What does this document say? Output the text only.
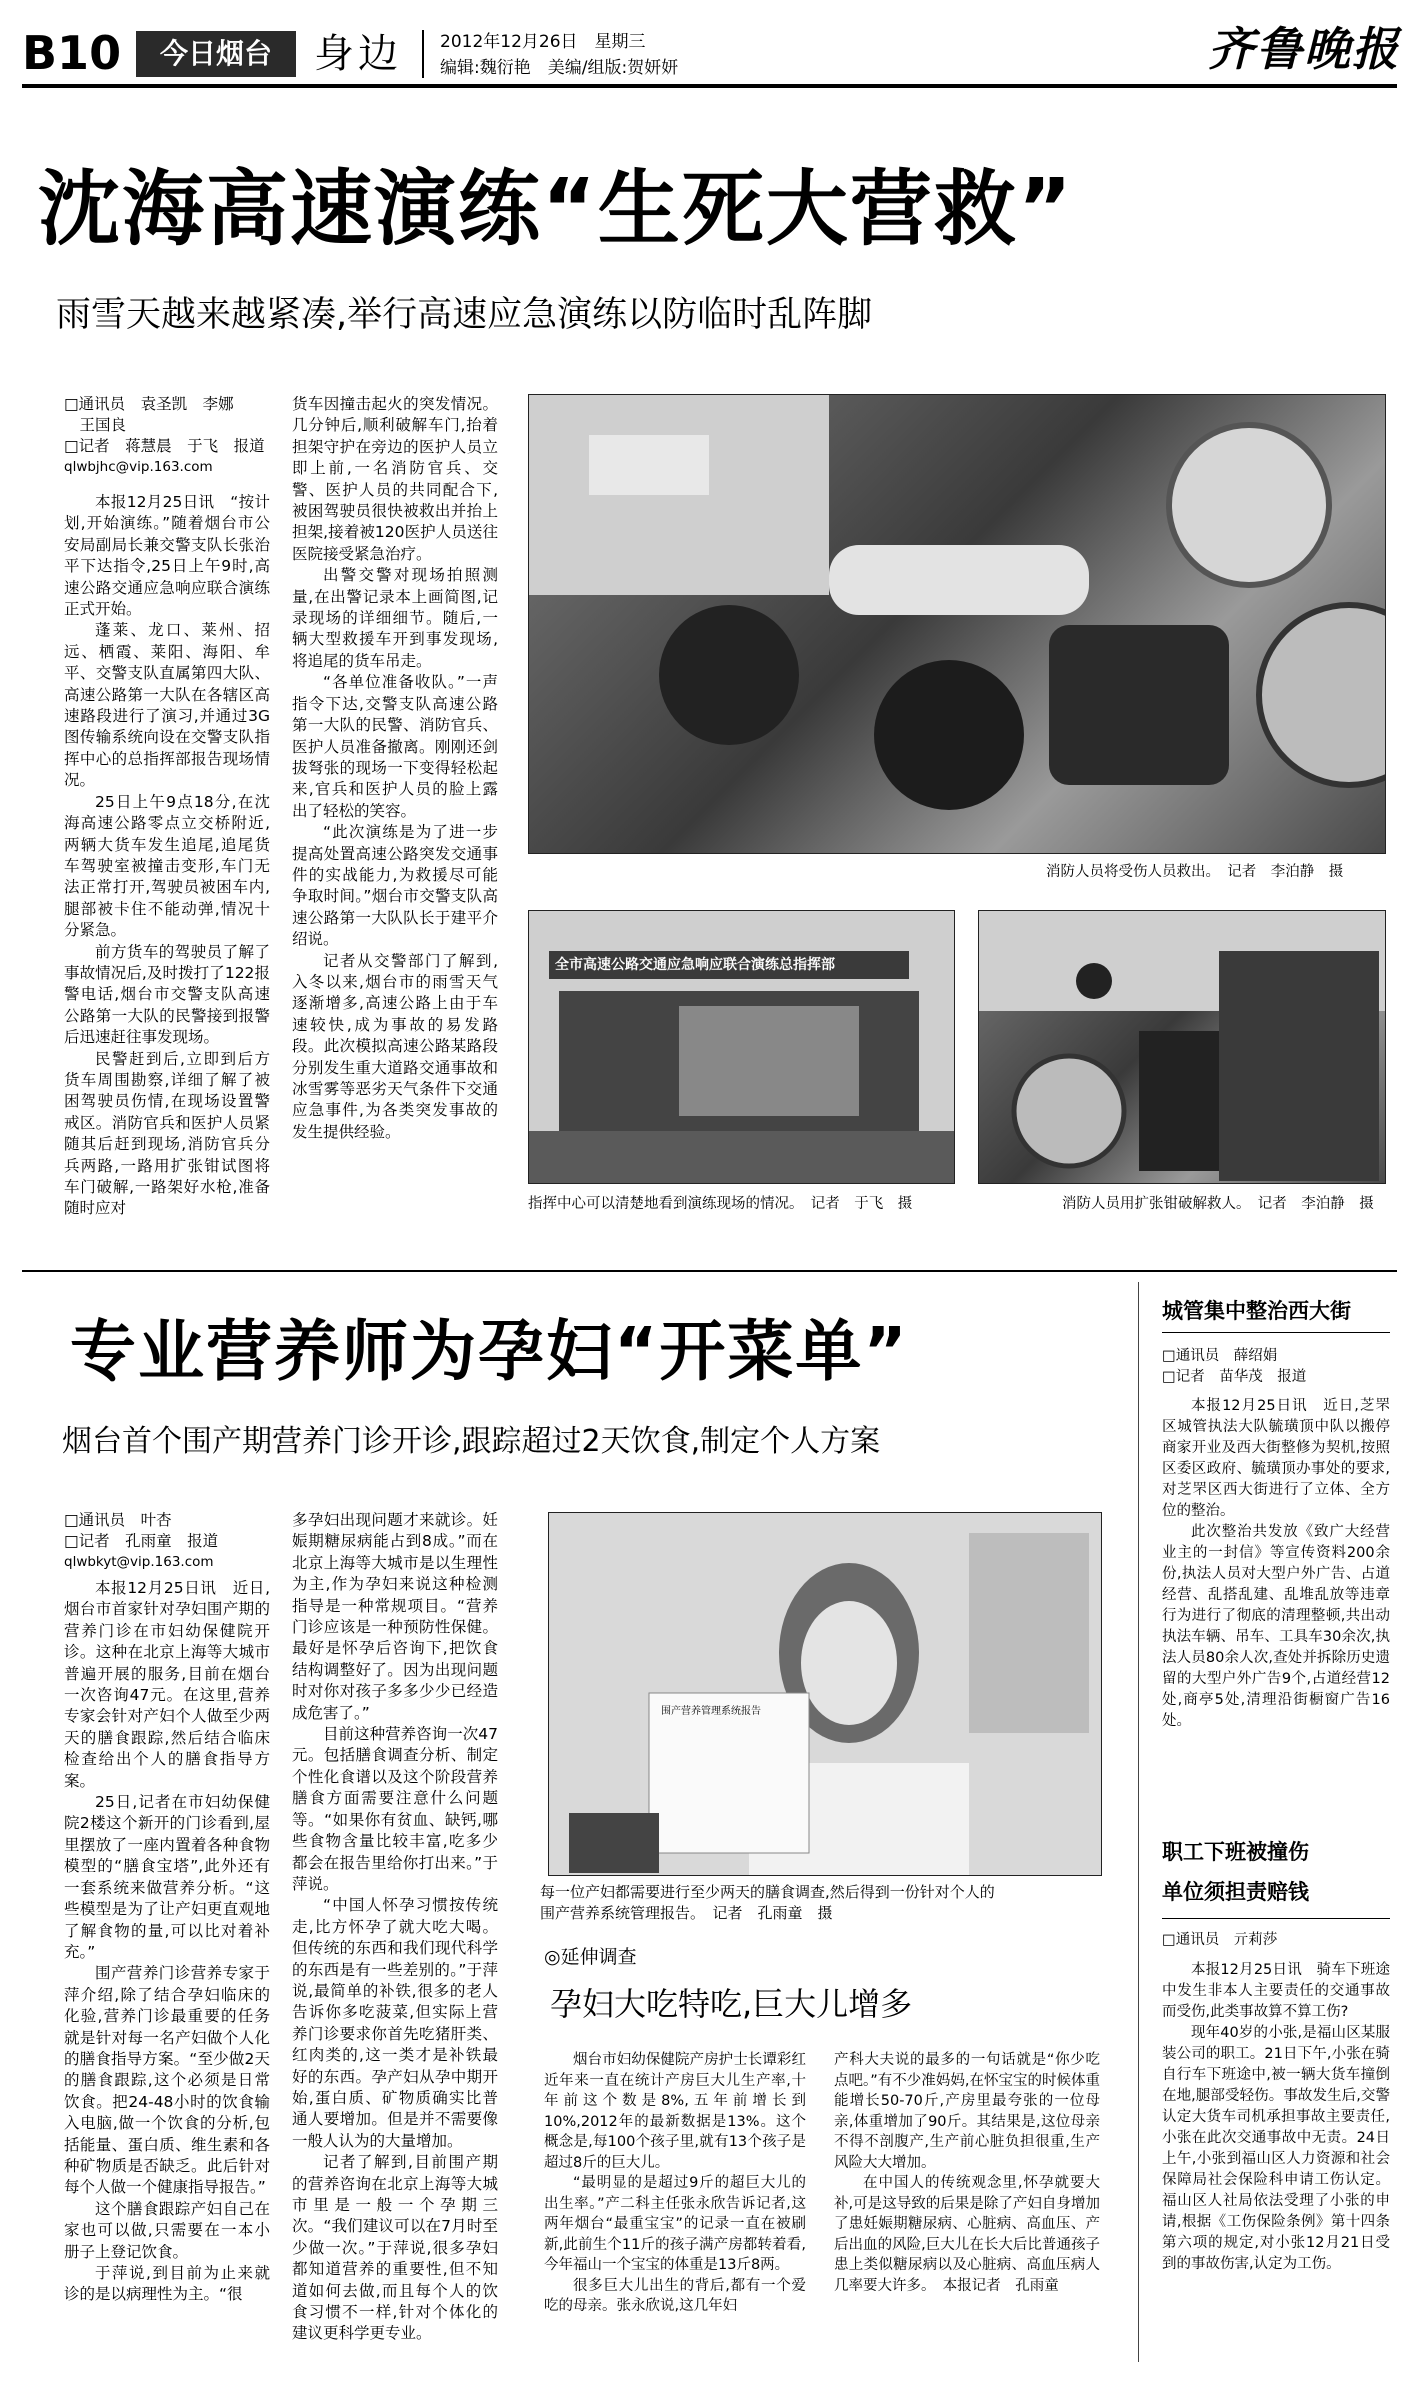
B10	今日烟台	身边 2012年12月26日　星期三
编辑:魏衍艳　美编/组版:贺妍妍	齐鲁晚报
沈海高速演练“生死大营救”
雨雪天越来越紧凑,举行高速应急演练以防临时乱阵脚
□通讯员　袁圣凯　李娜
　王国良
□记者　蒋慧晨　于飞　报道
qlwbjhc@vip.163.com

本报12月25日讯　“按计划,开始演练。”随着烟台市公安局副局长兼交警支队长张治平下达指令,25日上午9时,高速公路交通应急响应联合演练正式开始。

蓬莱、龙口、莱州、招远、栖霞、莱阳、海阳、牟平、交警支队直属第四大队、高速公路第一大队在各辖区高速路段进行了演习,并通过3G图传输系统向设在交警支队指挥中心的总指挥部报告现场情况。

25日上午9点18分,在沈海高速公路零点立交桥附近,两辆大货车发生追尾,追尾货车驾驶室被撞击变形,车门无法正常打开,驾驶员被困车内,腿部被卡住不能动弹,情况十分紧急。

前方货车的驾驶员了解了事故情况后,及时拨打了122报警电话,烟台市交警支队高速公路第一大队的民警接到报警后迅速赶往事发现场。

民警赶到后,立即到后方货车周围勘察,详细了解了被困驾驶员伤情,在现场设置警戒区。消防官兵和医护人员紧随其后赶到现场,消防官兵分兵两路,一路用扩张钳试图将车门破解,一路架好水枪,准备随时应对

货车因撞击起火的突发情况。几分钟后,顺利破解车门,抬着担架守护在旁边的医护人员立即上前,一名消防官兵、交警、医护人员的共同配合下,被困驾驶员很快被救出并抬上担架,接着被120医护人员送往医院接受紧急治疗。

出警交警对现场拍照测量,在出警记录本上画简图,记录现场的详细细节。随后,一辆大型救援车开到事发现场,将追尾的货车吊走。

“各单位准备收队。”一声指令下达,交警支队高速公路第一大队的民警、消防官兵、医护人员准备撤离。刚刚还剑拔弩张的现场一下变得轻松起来,官兵和医护人员的脸上露出了轻松的笑容。

“此次演练是为了进一步提高处置高速公路突发交通事件的实战能力,为救援尽可能争取时间。”烟台市交警支队高速公路第一大队队长于建平介绍说。

记者从交警部门了解到,入冬以来,烟台市的雨雪天气逐渐增多,高速公路上由于车速较快,成为事故的易发路段。此次模拟高速公路某路段分别发生重大道路交通事故和冰雪雾等恶劣天气条件下交通应急事件,为各类突发事故的发生提供经验。

消防人员将受伤人员救出。　记者　李泊静　摄
全市高速公路交通应急响应联合演练总指挥部
指挥中心可以清楚地看到演练现场的情况。　记者　于飞　摄	消防人员用扩张钳破解救人。　记者　李泊静　摄
专业营养师为孕妇“开菜单”
烟台首个围产期营养门诊开诊,跟踪超过2天饮食,制定个人方案
□通讯员　叶杏
□记者　孔雨童　报道
qlwbkyt@vip.163.com

本报12月25日讯　近日,烟台市首家针对孕妇围产期的营养门诊在市妇幼保健院开诊。这种在北京上海等大城市普遍开展的服务,目前在烟台一次咨询47元。在这里,营养专家会针对产妇个人做至少两天的膳食跟踪,然后结合临床检查给出个人的膳食指导方案。

25日,记者在市妇幼保健院2楼这个新开的门诊看到,屋里摆放了一座内置着各种食物模型的“膳食宝塔”,此外还有一套系统来做营养分析。“这些模型是为了让产妇更直观地了解食物的量,可以比对着补充。”

围产营养门诊营养专家于萍介绍,除了结合孕妇临床的化验,营养门诊最重要的任务就是针对每一名产妇做个人化的膳食指导方案。“至少做2天的膳食跟踪,这个必须是日常饮食。把24-48小时的饮食输入电脑,做一个饮食的分析,包括能量、蛋白质、维生素和各种矿物质是否缺乏。此后针对每个人做一个健康指导报告。”

这个膳食跟踪产妇自己在家也可以做,只需要在一本小册子上登记饮食。

于萍说,到目前为止来就诊的是以病理性为主。“很

多孕妇出现问题才来就诊。妊娠期糖尿病能占到8成。”而在北京上海等大城市是以生理性为主,作为孕妇来说这种检测指导是一种常规项目。“营养门诊应该是一种预防性保健。最好是怀孕后咨询下,把饮食结构调整好了。因为出现问题时对你对孩子多多少少已经造成危害了。”

目前这种营养咨询一次47元。包括膳食调查分析、制定个性化食谱以及这个阶段营养膳食方面需要注意什么问题等。“如果你有贫血、缺钙,哪些食物含量比较丰富,吃多少都会在报告里给你打出来。”于萍说。

“中国人怀孕习惯按传统走,比方怀孕了就大吃大喝。但传统的东西和我们现代科学的东西是有一些差别的。”于萍说,最简单的补铁,很多的老人告诉你多吃菠菜,但实际上营养门诊要求你首先吃猪肝类、红肉类的,这一类才是补铁最好的东西。孕产妇从孕中期开始,蛋白质、矿物质确实比普通人要增加。但是并不需要像一般人认为的大量增加。

记者了解到,目前围产期的营养咨询在北京上海等大城市里是一般一个孕期三次。“我们建议可以在7月时至少做一次。”于萍说,很多孕妇都知道营养的重要性,但不知道如何去做,而且每个人的饮食习惯不一样,针对个体化的建议更科学更专业。

围产营养管理系统报告
每一位产妇都需要进行至少两天的膳食调查,然后得到一份针对个人的
围产营养系统管理报告。　记者　孔雨童　摄
◎延伸调查
孕妇大吃特吃,巨大儿增多

烟台市妇幼保健院产房护士长谭彩红近年来一直在统计产房巨大儿生产率,十年前这个数是8%,五年前增长到10%,2012年的最新数据是13%。这个概念是,每100个孩子里,就有13个孩子是超过8斤的巨大儿。

“最明显的是超过9斤的超巨大儿的出生率。”产二科主任张永欣告诉记者,这两年烟台“最重宝宝”的记录一直在被刷新,此前生个11斤的孩子满产房都转着看,今年福山一个宝宝的体重是13斤8两。

很多巨大儿出生的背后,都有一个爱吃的母亲。张永欣说,这几年妇

产科大夫说的最多的一句话就是“你少吃点吧。”有不少准妈妈,在怀宝宝的时候体重能增长50-70斤,产房里最夸张的一位母亲,体重增加了90斤。其结果是,这位母亲不得不剖腹产,生产前心脏负担很重,生产风险大大增加。

在中国人的传统观念里,怀孕就要大补,可是这导致的后果是除了产妇自身增加了患妊娠期糖尿病、心脏病、高血压、产后出血的风险,巨大儿在长大后比普通孩子患上类似糖尿病以及心脏病、高血压病人几率要大许多。　本报记者　孔雨童

城管集中整治西大街
□通讯员　薛绍娟
□记者　苗华茂　报道

本报12月25日讯　近日,芝罘区城管执法大队毓璜顶中队以搬停商家开业及西大街整修为契机,按照区委区政府、毓璜顶办事处的要求,对芝罘区西大街进行了立体、全方位的整治。

此次整治共发放《致广大经营业主的一封信》等宣传资料200余份,执法人员对大型户外广告、占道经营、乱搭乱建、乱堆乱放等违章行为进行了彻底的清理整顿,共出动执法车辆、吊车、工具车30余次,执法人员80余人次,查处并拆除历史遗留的大型户外广告9个,占道经营12处,商亭5处,清理沿街橱窗广告16处。

职工下班被撞伤
单位须担责赔钱
□通讯员　亓莉莎

本报12月25日讯　骑车下班途中发生非本人主要责任的交通事故而受伤,此类事故算不算工伤?

现年40岁的小张,是福山区某服装公司的职工。21日下午,小张在骑自行车下班途中,被一辆大货车撞倒在地,腿部受轻伤。事故发生后,交警认定大货车司机承担事故主要责任,小张在此次交通事故中无责。24日上午,小张到福山区人力资源和社会保障局社会保险科申请工伤认定。福山区人社局依法受理了小张的申请,根据《工伤保险条例》第十四条第六项的规定,对小张12月21日受到的事故伤害,认定为工伤。
